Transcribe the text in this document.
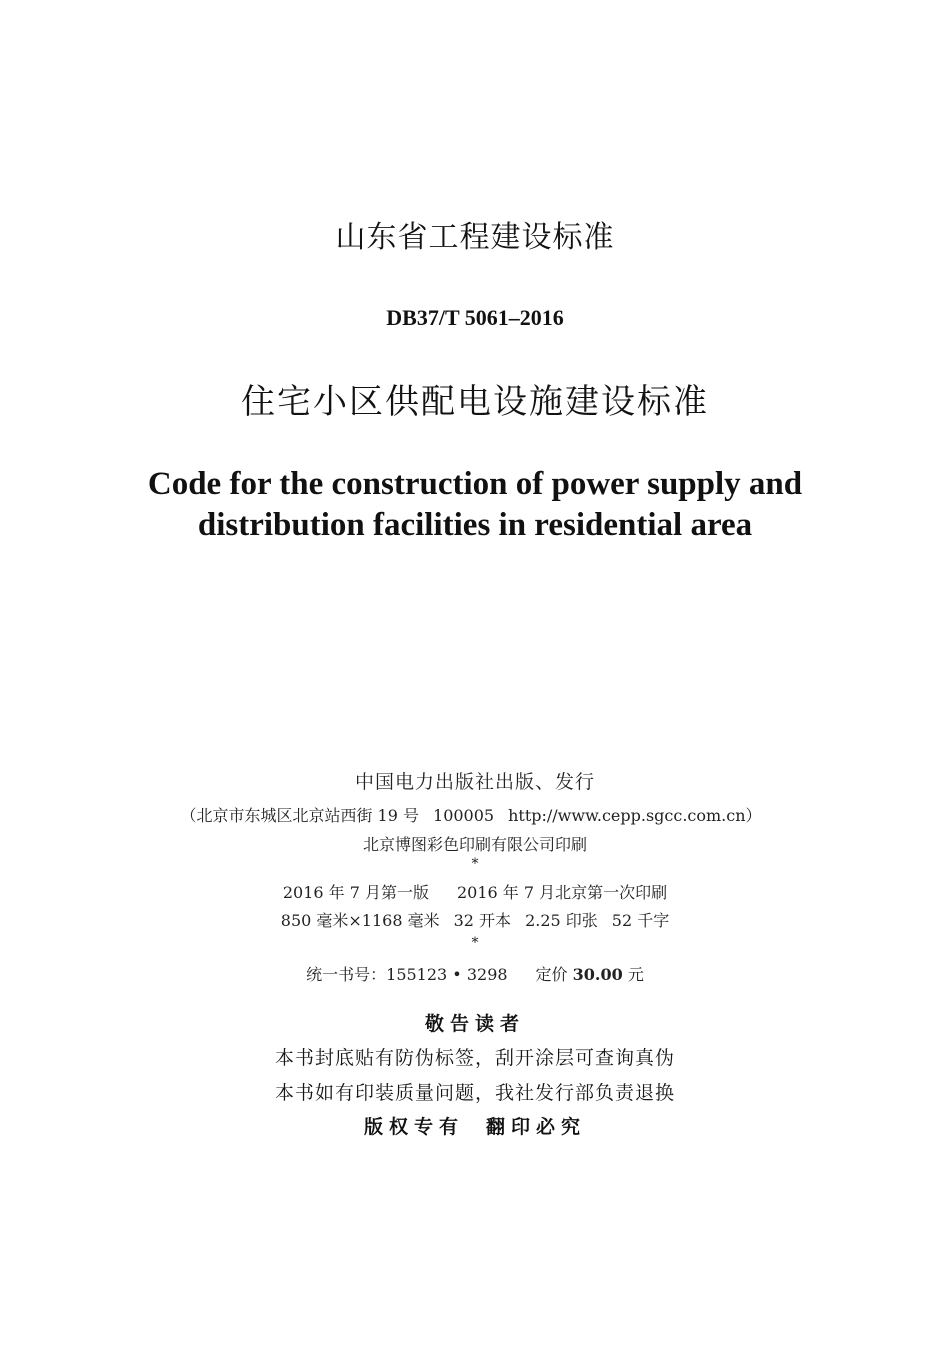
山东省工程建设标准
DB37/T 5061–2016
住宅小区供配电设施建设标准
Code for the construction of power supply and
distribution facilities in residential area
中国电力出版社出版、发行
（北京市东城区北京站西街 19 号 100005 http://www.cepp.sgcc.com.cn）
北京博图彩色印刷有限公司印刷
*
2016 年 7 月第一版 2016 年 7 月北京第一次印刷
850 毫米×1168 毫米 32 开本 2.25 印张 52 千字
*
统一书号：155123 • 3298 定价 30.00 元
敬告读者
本书封底贴有防伪标签，刮开涂层可查询真伪
本书如有印装质量问题，我社发行部负责退换
版权专有 翻印必究
